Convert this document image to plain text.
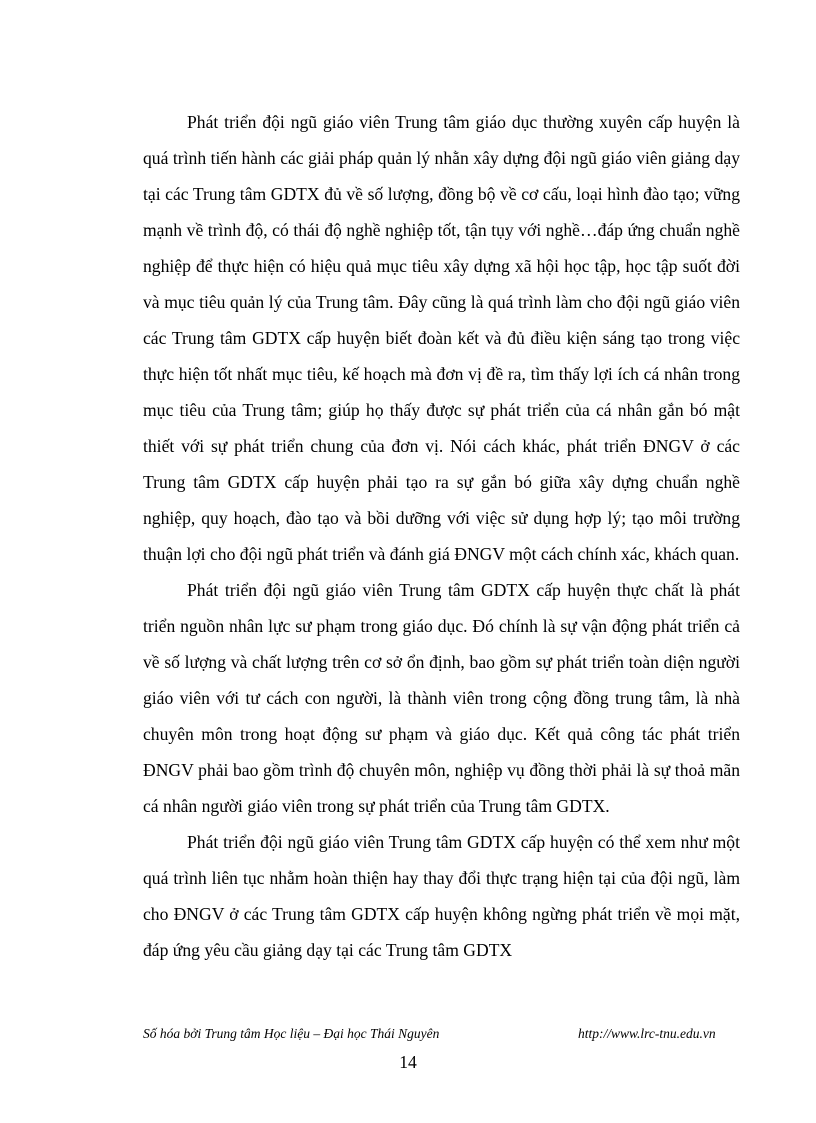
Phát triển đội ngũ giáo viên Trung tâm giáo dục thường xuyên cấp huyện là quá trình tiến hành các giải pháp quản lý nhằn xây dựng đội ngũ giáo viên giảng dạy tại các Trung tâm GDTX đủ về số lượng, đồng bộ về cơ cấu, loại hình đào tạo; vững mạnh về trình độ, có thái độ nghề nghiệp tốt, tận tụy với nghề…đáp ứng chuẩn nghề nghiệp để thực hiện có hiệu quả mục tiêu xây dựng xã hội học tập, học tập suốt đời và mục tiêu quản lý của Trung tâm. Đây cũng là quá trình làm cho đội ngũ giáo viên các Trung tâm GDTX cấp huyện biết đoàn kết và đủ điều kiện sáng tạo trong việc thực hiện tốt nhất mục tiêu, kế hoạch mà đơn vị đề ra, tìm thấy lợi ích cá nhân trong mục tiêu của Trung tâm; giúp họ thấy được sự phát triển của cá nhân gắn bó mật thiết với sự phát triển chung của đơn vị. Nói cách khác, phát triển ĐNGV ở các Trung tâm GDTX cấp huyện phải tạo ra sự gắn bó giữa xây dựng chuẩn nghề nghiệp, quy hoạch, đào tạo và bồi dưỡng với việc sử dụng hợp lý; tạo môi trường thuận lợi cho đội ngũ phát triển và đánh giá ĐNGV một cách chính xác, khách quan.

Phát triển đội ngũ giáo viên Trung tâm GDTX cấp huyện thực chất là phát triển nguồn nhân lực sư phạm trong giáo dục. Đó chính là sự vận động phát triển cả về số lượng và chất lượng trên cơ sở ổn định, bao gồm sự phát triển toàn diện người giáo viên với tư cách con người, là thành viên trong cộng đồng trung tâm, là nhà chuyên môn trong hoạt động sư phạm và giáo dục. Kết quả công tác phát triển ĐNGV phải bao gồm trình độ chuyên môn, nghiệp vụ đồng thời phải là sự thoả mãn cá nhân người giáo viên trong sự phát triển của Trung tâm GDTX.

Phát triển đội ngũ giáo viên Trung tâm GDTX cấp huyện có thể xem như một quá trình liên tục nhằm hoàn thiện hay thay đổi thực trạng hiện tại của đội ngũ, làm cho ĐNGV ở các Trung tâm GDTX cấp huyện không ngừng phát triển về mọi mặt, đáp ứng yêu cầu giảng dạy tại các Trung tâm GDTX

Số hóa bởi Trung tâm Học liệu – Đại học Thái Nguyên	http://www.lrc-tnu.edu.vn
14
